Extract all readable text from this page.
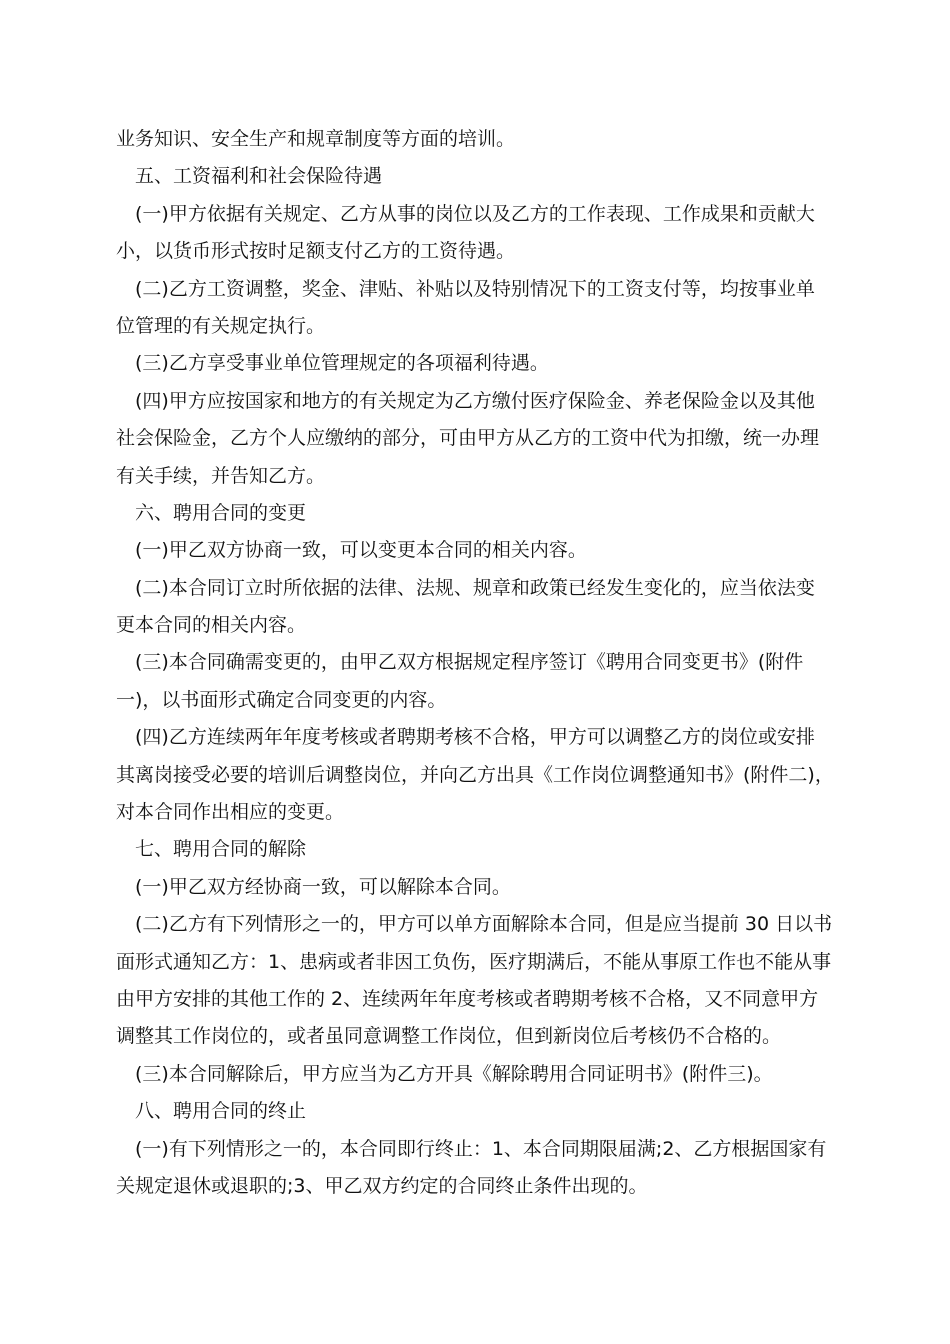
业务知识、安全生产和规章制度等方面的培训。
五、工资福利和社会保险待遇
(一)甲方依据有关规定、乙方从事的岗位以及乙方的工作表现、工作成果和贡献大
小，以货币形式按时足额支付乙方的工资待遇。
(二)乙方工资调整，奖金、津贴、补贴以及特别情况下的工资支付等，均按事业单
位管理的有关规定执行。
(三)乙方享受事业单位管理规定的各项福利待遇。
(四)甲方应按国家和地方的有关规定为乙方缴付医疗保险金、养老保险金以及其他
社会保险金，乙方个人应缴纳的部分，可由甲方从乙方的工资中代为扣缴，统一办理
有关手续，并告知乙方。
六、聘用合同的变更
(一)甲乙双方协商一致，可以变更本合同的相关内容。
(二)本合同订立时所依据的法律、法规、规章和政策已经发生变化的，应当依法变
更本合同的相关内容。
(三)本合同确需变更的，由甲乙双方根据规定程序签订《聘用合同变更书》(附件
一)，以书面形式确定合同变更的内容。
(四)乙方连续两年年度考核或者聘期考核不合格，甲方可以调整乙方的岗位或安排
其离岗接受必要的培训后调整岗位，并向乙方出具《工作岗位调整通知书》(附件二)，
对本合同作出相应的变更。
七、聘用合同的解除
(一)甲乙双方经协商一致，可以解除本合同。
(二)乙方有下列情形之一的，甲方可以单方面解除本合同，但是应当提前 30 日以书
面形式通知乙方：1、患病或者非因工负伤，医疗期满后，不能从事原工作也不能从事
由甲方安排的其他工作的 2、连续两年年度考核或者聘期考核不合格，又不同意甲方
调整其工作岗位的，或者虽同意调整工作岗位，但到新岗位后考核仍不合格的。
(三)本合同解除后，甲方应当为乙方开具《解除聘用合同证明书》(附件三)。
八、聘用合同的终止
(一)有下列情形之一的，本合同即行终止：1、本合同期限届满;2、乙方根据国家有
关规定退休或退职的;3、甲乙双方约定的合同终止条件出现的。
